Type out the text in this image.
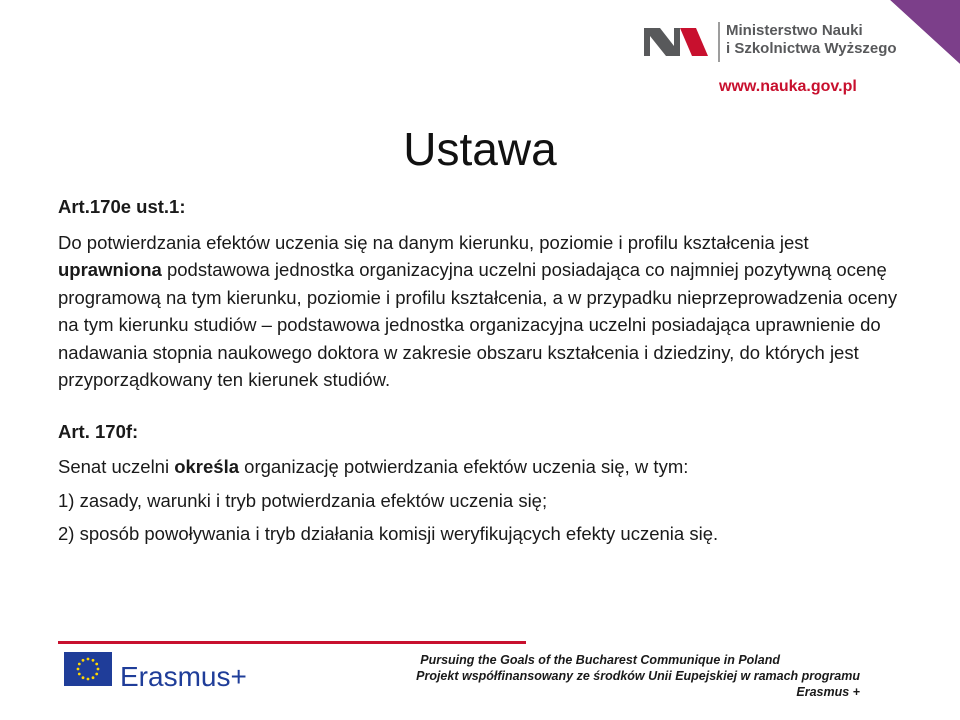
Ministerstwo Nauki
i Szkolnictwa Wyższego
www.nauka.gov.pl
Ustawa

Art.170e ust.1:

Do potwierdzania efektów uczenia się na danym kierunku, poziomie i profilu kształcenia jest uprawniona podstawowa jednostka organizacyjna uczelni posiadająca co najmniej pozytywną ocenę programową na tym kierunku, poziomie i profilu kształcenia, a w przypadku nieprzeprowadzenia oceny na tym kierunku studiów – podstawowa jednostka organizacyjna uczelni posiadająca uprawnienie do nadawania stopnia naukowego doktora w zakresie obszaru kształcenia i dziedziny, do których jest przyporządkowany ten kierunek studiów.

Art. 170f:

Senat uczelni określa organizację potwierdzania efektów uczenia się, w tym:

1) zasady, warunki i tryb potwierdzania efektów uczenia się;

2) sposób powoływania i tryb działania komisji weryfikujących efekty uczenia się.

Erasmus+
Pursuing the Goals of the Bucharest Communique in Poland
Projekt współfinansowany ze środków Unii Eupejskiej w ramach programu Erasmus +
